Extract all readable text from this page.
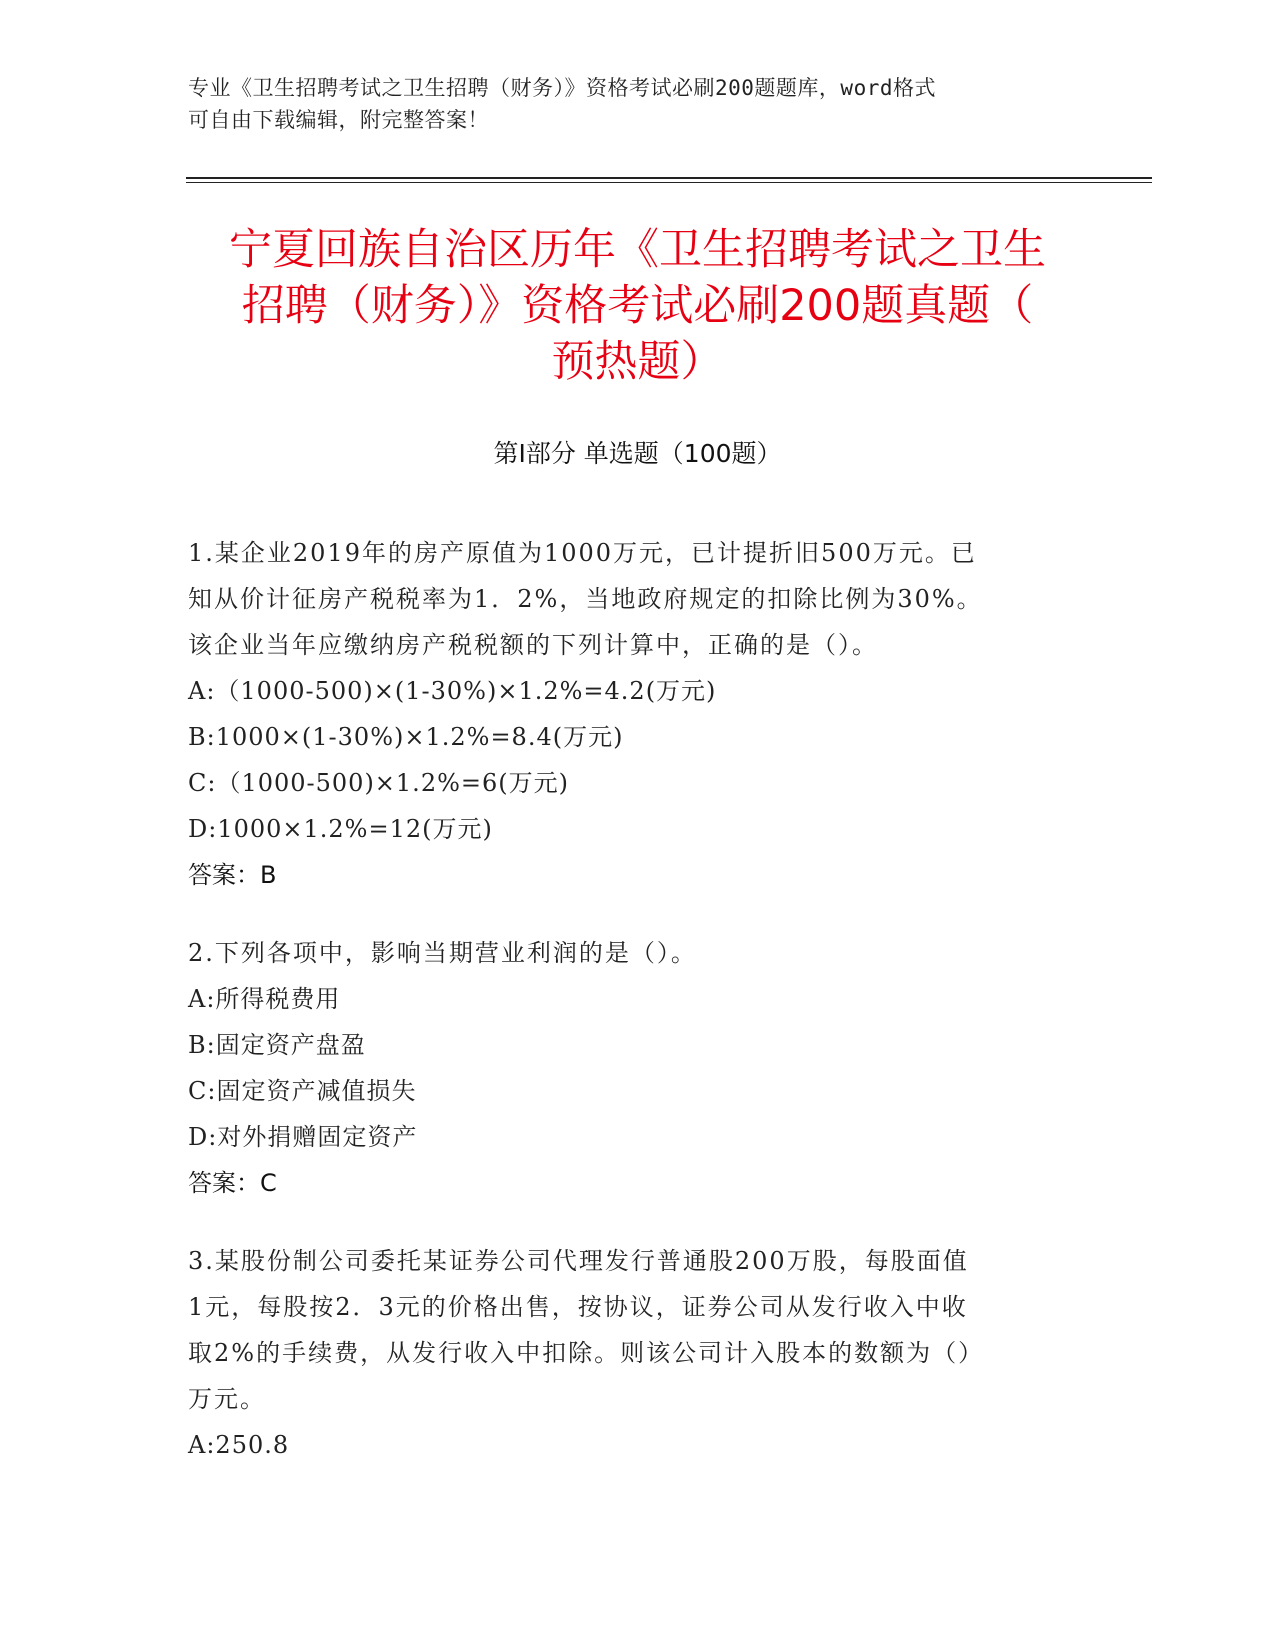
专业《卫生招聘考试之卫生招聘（财务）》资格考试必刷200题题库，word格式
可自由下载编辑，附完整答案！
宁夏回族自治区历年《卫生招聘考试之卫生
招聘（财务）》资格考试必刷200题真题（
预热题）
第I部分 单选题（100题）
1.某企业2019年的房产原值为1000万元，已计提折旧500万元。已
知从价计征房产税税率为1．2%，当地政府规定的扣除比例为30%。
该企业当年应缴纳房产税税额的下列计算中，正确的是（）。
A:（1000-500)×(1-30%)×1.2%=4.2(万元)
B:1000×(1-30%)×1.2%=8.4(万元)
C:（1000-500)×1.2%=6(万元)
D:1000×1.2%=12(万元)
答案：B
2.下列各项中，影响当期营业利润的是（）。
A:所得税费用
B:固定资产盘盈
C:固定资产减值损失
D:对外捐赠固定资产
答案：C
3.某股份制公司委托某证券公司代理发行普通股200万股，每股面值
1元，每股按2．3元的价格出售，按协议，证券公司从发行收入中收
取2%的手续费，从发行收入中扣除。则该公司计入股本的数额为（）
万元。
A:250.8
